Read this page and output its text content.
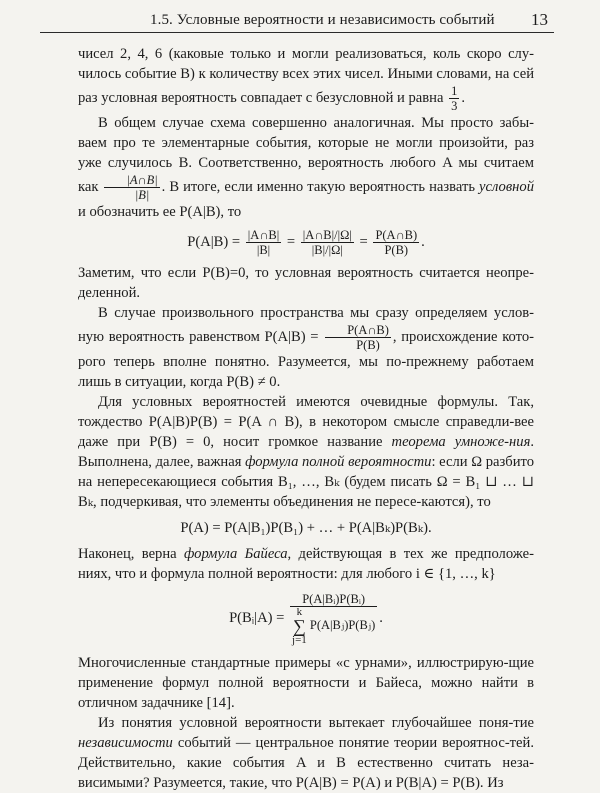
1.5. Условные вероятности и независимость событий 13

чисел 2, 4, 6 (каковые только и могли реализоваться, коль скоро слу-чилось событие B) к количеству всех этих чисел. Иными словами, на сей раз условная вероятность совпадает с безусловной и равна $\frac{1}{3}$ .

В общем случае схема совершенно аналогичная. Мы просто забы-ваем про те элементарные события, которые не могли произойти, раз уже случилось B. Соответственно, вероятность любого A мы считаем как $\frac{|A\cap B|}{|B|}$ . В итоге, если именно такую вероятность назвать условной и обозначить ее P(A|B), то

$P(A|B) = \frac{|A\cap B|}{|B|} = \frac{|A\cap B|/|\Omega|}{|B|/|\Omega|} = \frac{P(A\cap B)}{P(B)}$ .

Заметим, что если P(B)=0, то условная вероятность считается неопре-деленной.

В случае произвольного пространства мы сразу определяем услов-ную вероятность равенством $P(A|B) = \frac{P(A\cap B)}{P(B)}$ , происхождение кото-рого теперь вполне понятно. Разумеется, мы по-прежнему работаем лишь в ситуации, когда P(B) ≠ 0.

Для условных вероятностей имеются очевидные формулы. Так, тождество P(A|B)P(B) = P(A ∩ B), в некотором смысле справедли-вее даже при P(B) = 0, носит громкое название теорема умноже-ния. Выполнена, далее, важная формула полной вероятности: если Ω разбито на непересекающиеся события B₁, …, Bₖ (будем писать Ω = B₁ ⊔ … ⊔ Bₖ, подчеркивая, что элементы объединения не пересе-каются), то

P(A) = P(A|B₁)P(B₁) + … + P(A|Bₖ)P(Bₖ).

Наконец, верна формула Байеса, действующая в тех же предположе-ниях, что и формула полной вероятности: для любого i ∈ {1, …, k}

P(Bᵢ|A) = P(A|Bᵢ)P(Bᵢ)
k
∑
j=1 P(A|Bⱼ)P(Bⱼ) .

Многочисленные стандартные примеры «с урнами», иллюстрирую-щие применение формул полной вероятности и Байеса, можно найти в отличном задачнике [14].

Из понятия условной вероятности вытекает глубочайшее поня-тие независимости событий — центральное понятие теории вероятнос-тей. Действительно, какие события A и B естественно считать неза-висимыми? Разумеется, такие, что P(A|B) = P(A) и P(B|A) = P(B). Из
